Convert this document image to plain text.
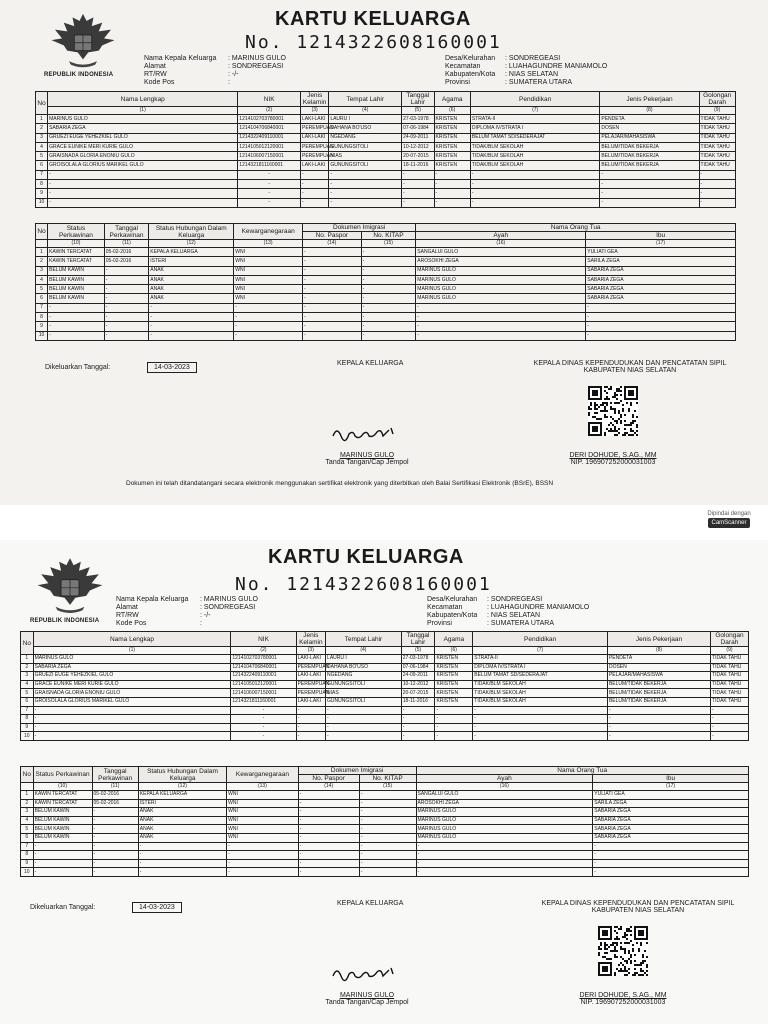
REPUBLIK INDONESIA
KARTU KELUARGA
No. 1214322608160001
Nama Kepala Keluarga	: MARINUS GULO
Alamat	: SONDREGEASI
RT/RW	: -/-
Kode Pos	:
Desa/Kelurahan	: SONDREGEASI
Kecamatan	: LUAHAGUNDRE MANIAMOLO
Kabupaten/Kota	: NIAS SELATAN
Provinsi	: SUMATERA UTARA
No	Nama Lengkap	NIK	Jenis Kelamin	Tempat Lahir	Tanggal Lahir	Agama	Pendidikan	Jenis Pekerjaan	Golongan Darah
	(1)	(2)	(3)	(4)	(5)	(6)	(7)	(8)	(9)
1	MARINUS GULO	1214102703780001	LAKI-LAKI	LAURU I	27-03-1978	KRISTEN	STRATA-II	PENDETA	TIDAK TAHU
2	SABARIA ZEGA	1214104706840001	PEREMPUAN	DAHANA BO'USO	07-06-1984	KRISTEN	DIPLOMA IV/STRATA I	DOSEN	TIDAK TAHU
3	GRUEZI EUGE YEHEZKIEL GULO	1214322409110001	LAKI-LAKI	NGEDANG	24-09-2011	KRISTEN	BELUM TAMAT SD/SEDERAJAT	PELAJAR/MAHASISWA	TIDAK TAHU
4	GRACE EUNIKE MERI KURIE GULO	1214105012120001	PEREMPUAN	GUNUNGSITOLI	10-12-2012	KRISTEN	TIDAK/BLM SEKOLAH	BELUM/TIDAK BEKERJA	TIDAK TAHU
5	GRAISNADA GLORIA ENONIU GULO	1214106007150001	PEREMPUAN	NIAS	20-07-2015	KRISTEN	TIDAK/BLM SEKOLAH	BELUM/TIDAK BEKERJA	TIDAK TAHU
6	GROISOLALA GLORIUS MARIKEL GULO	1214321811160001	LAKI-LAKI	GUNUNGSITOLI	18-11-2016	KRISTEN	TIDAK/BLM SEKOLAH	BELUM/TIDAK BEKERJA	TIDAK TAHU
7	-	-	-	-	-	-	-	-	-
8	-	-	-	-	-	-	-	-	-
9	-	-	-	-	-	-	-	-	-
10	-	-	-	-	-	-	-	-	-
No	Status Perkawinan	Tanggal Perkawinan	Status Hubungan Dalam Keluarga	Kewarganegaraan	Dokumen Imigrasi		Nama Orang Tua	
					No. Paspor	No. KITAP	Ayah	Ibu
	(10)	(11)	(12)	(13)	(14)	(15)	(16)	(17)
1	KAWIN TERCATAT	05-02-2016	KEPALA KELUARGA	WNI	-	-	SANGALUI GULO	YULIATI GEA
2	KAWIN TERCATAT	05-02-2016	ISTERI	WNI	-	-	AROSOKHI ZEGA	SARILA ZEGA
3	BELUM KAWIN	-	ANAK	WNI	-	-	MARINUS GULO	SABARIA ZEGA
4	BELUM KAWIN	-	ANAK	WNI	-	-	MARINUS GULO	SABARIA ZEGA
5	BELUM KAWIN	-	ANAK	WNI	-	-	MARINUS GULO	SABARIA ZEGA
6	BELUM KAWIN	-	ANAK	WNI	-	-	MARINUS GULO	SABARIA ZEGA
7	-	-	-	-	-	-	-	-
8	-	-	-	-	-	-	-	-
9	-	-	-	-	-	-	-	-
10	-	-	-	-	-	-	-	-
Dikeluarkan Tanggal:	14-03-2023
KEPALA KELUARGA	KEPALA DINAS KEPENDUDUKAN DAN PENCATATAN SIPIL
KABUPATEN NIAS SELATAN
MARINUS GULO
Tanda Tangan/Cap Jempol
DERI DOHUDE, S.AG., MM
NIP. 196907252000031003
Dokumen ini telah ditandatangani secara elektronik menggunakan sertifikat elektronik yang diterbitkan oleh Balai Sertifikasi Elektronik (BSrE), BSSN
Dipindai dengan
CamScanner
REPUBLIK INDONESIA
KARTU KELUARGA
No. 1214322608160001
Nama Kepala Keluarga	: MARINUS GULO
Alamat	: SONDREGEASI
RT/RW	: -/-
Kode Pos	:
Desa/Kelurahan	: SONDREGEASI
Kecamatan	: LUAHAGUNDRE MANIAMOLO
Kabupaten/Kota	: NIAS SELATAN
Provinsi	: SUMATERA UTARA
No	Nama Lengkap	NIK	Jenis Kelamin	Tempat Lahir	Tanggal Lahir	Agama	Pendidikan	Jenis Pekerjaan	Golongan Darah
	(1)	(2)	(3)	(4)	(5)	(6)	(7)	(8)	(9)
1	MARINUS GULO	1214102703780001	LAKI-LAKI	LAURU I	27-03-1978	KRISTEN	STRATA-II	PENDETA	TIDAK TAHU
2	SABARIA ZEGA	1214104706840001	PEREMPUAN	DAHANA BO'USO	07-06-1984	KRISTEN	DIPLOMA IV/STRATA I	DOSEN	TIDAK TAHU
3	GRUEZI EUGE YEHEZKIEL GULO	1214322409110001	LAKI-LAKI	NGEDANG	24-09-2011	KRISTEN	BELUM TAMAT SD/SEDERAJAT	PELAJAR/MAHASISWA	TIDAK TAHU
4	GRACE EUNIKE MERI KURIE GULO	1214105012120001	PEREMPUAN	GUNUNGSITOLI	10-12-2012	KRISTEN	TIDAK/BLM SEKOLAH	BELUM/TIDAK BEKERJA	TIDAK TAHU
5	GRAISNADA GLORIA ENONIU GULO	1214106007150001	PEREMPUAN	NIAS	20-07-2015	KRISTEN	TIDAK/BLM SEKOLAH	BELUM/TIDAK BEKERJA	TIDAK TAHU
6	GROISOLALA GLORIUS MARIKEL GULO	1214321811160001	LAKI-LAKI	GUNUNGSITOLI	18-11-2016	KRISTEN	TIDAK/BLM SEKOLAH	BELUM/TIDAK BEKERJA	TIDAK TAHU
7	-	-	-	-	-	-	-	-	-
8	-	-	-	-	-	-	-	-	-
9	-	-	-	-	-	-	-	-	-
10	-	-	-	-	-	-	-	-	-
No	Status Perkawinan	Tanggal Perkawinan	Status Hubungan Dalam Keluarga	Kewarganegaraan	Dokumen Imigrasi		Nama Orang Tua	
					No. Paspor	No. KITAP	Ayah	Ibu
	(10)	(11)	(12)	(13)	(14)	(15)	(16)	(17)
1	KAWIN TERCATAT	05-02-2016	KEPALA KELUARGA	WNI	-	-	SANGALUI GULO	YULIATI GEA
2	KAWIN TERCATAT	05-02-2016	ISTERI	WNI	-	-	AROSOKHI ZEGA	SARILA ZEGA
3	BELUM KAWIN	-	ANAK	WNI	-	-	MARINUS GULO	SABARIA ZEGA
4	BELUM KAWIN	-	ANAK	WNI	-	-	MARINUS GULO	SABARIA ZEGA
5	BELUM KAWIN	-	ANAK	WNI	-	-	MARINUS GULO	SABARIA ZEGA
6	BELUM KAWIN	-	ANAK	WNI	-	-	MARINUS GULO	SABARIA ZEGA
7	-	-	-	-	-	-	-	-
8	-	-	-	-	-	-	-	-
9	-	-	-	-	-	-	-	-
10	-	-	-	-	-	-	-	-
Dikeluarkan Tanggal:	14-03-2023
KEPALA KELUARGA	KEPALA DINAS KEPENDUDUKAN DAN PENCATATAN SIPIL
KABUPATEN NIAS SELATAN
MARINUS GULO
Tanda Tangan/Cap Jempol
DERI DOHUDE, S.AG., MM
NIP. 196907252000031003
